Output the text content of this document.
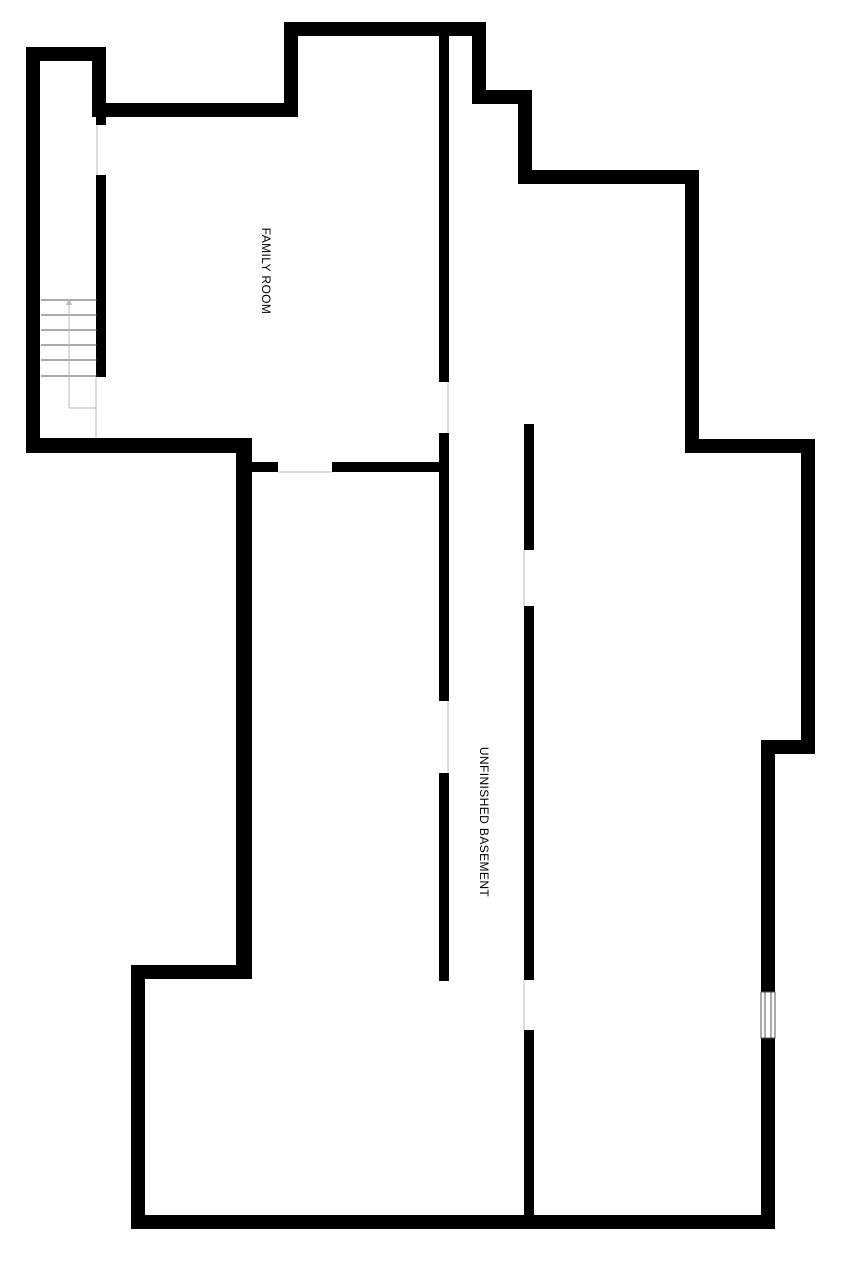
FAMILY ROOM
UNFINISHED BASEMENT
